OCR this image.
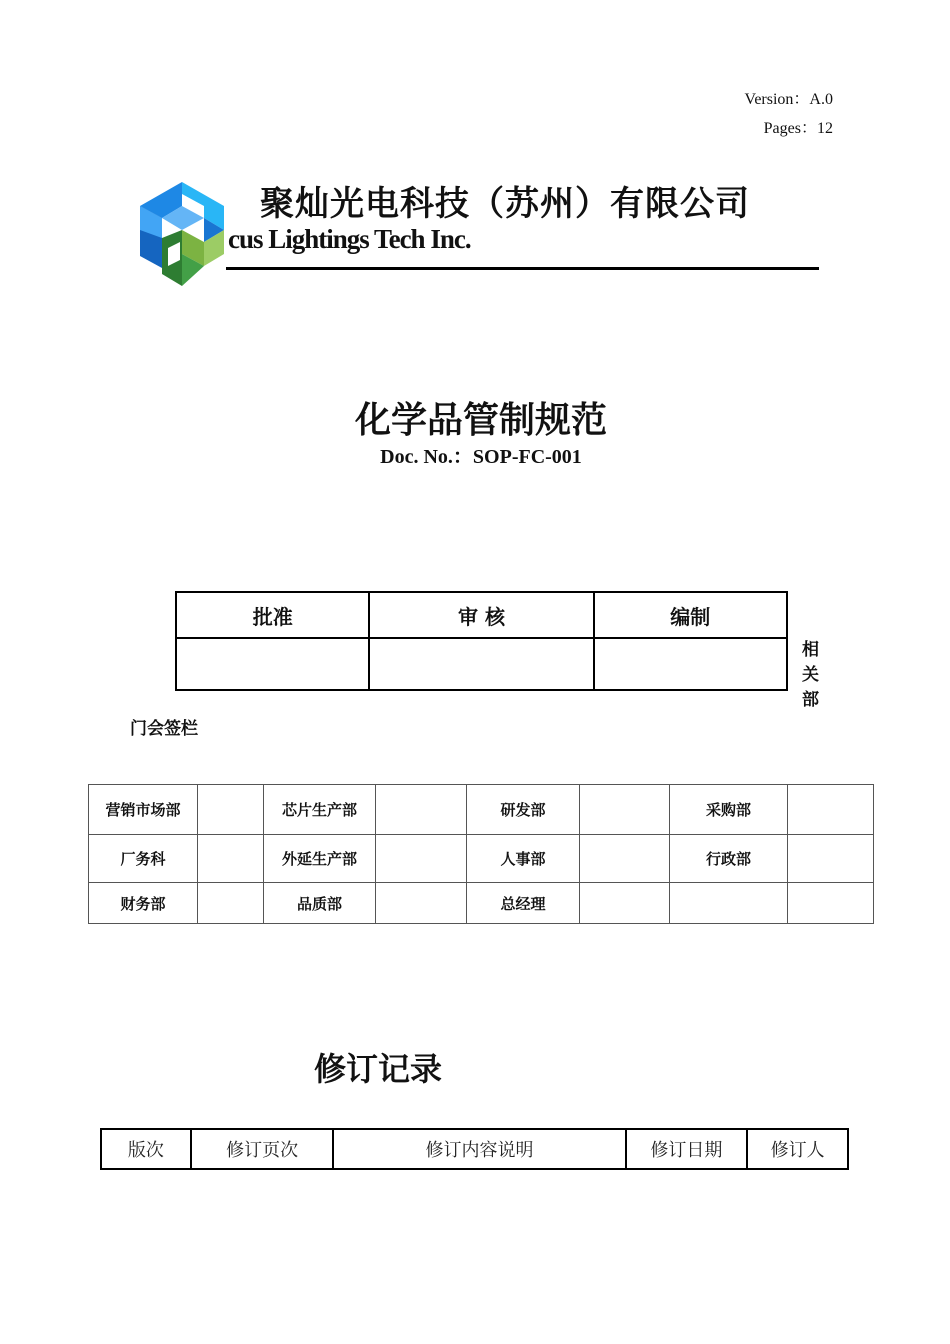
Version：A.0
Pages：12
聚灿光电科技（苏州）有限公司
cus Lightings Tech Inc.
化学品管制规范
Doc. No.：SOP-FC-001
批准	审 核	编制

相
关
部
门会签栏
营销市场部		芯片生产部		研发部		采购部	
厂务科		外延生产部		人事部		行政部	
财务部		品质部		总经理			
修订记录
版次	修订页次	修订内容说明	修订日期	修订人
